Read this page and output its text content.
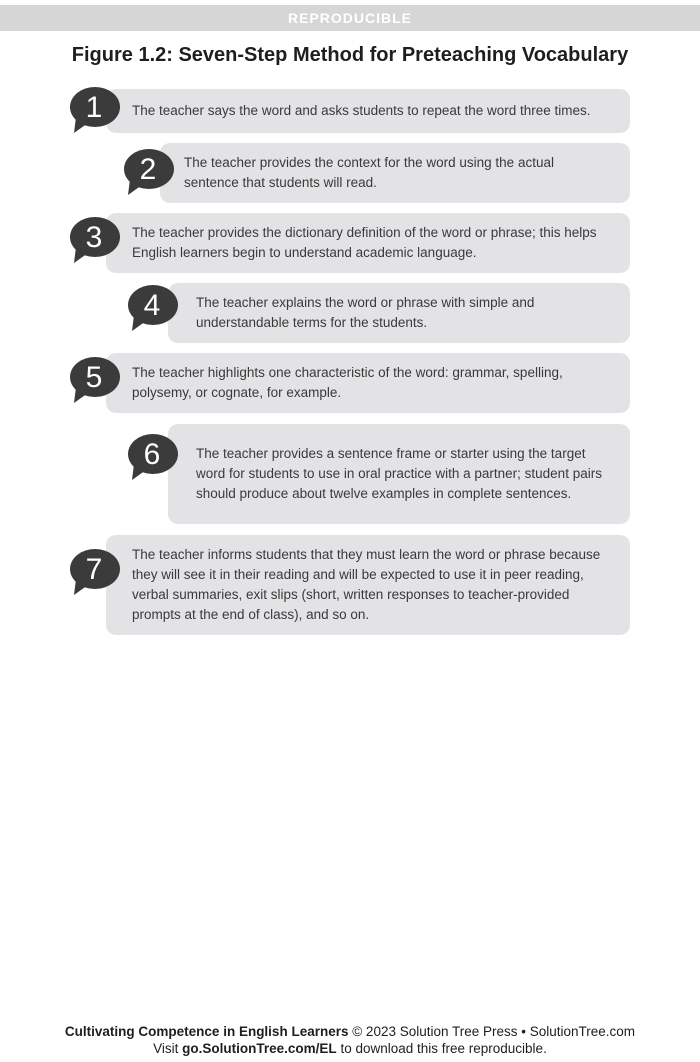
REPRODUCIBLE
Figure 1.2: Seven-Step Method for Preteaching Vocabulary
The teacher says the word and asks students to repeat the word three times.
1
The teacher provides the context for the word using the actual sentence that students will read.
2
The teacher provides the dictionary definition of the word or phrase; this helps English learners begin to understand academic language.
3
The teacher explains the word or phrase with simple and understandable terms for the students.
4
The teacher highlights one characteristic of the word: grammar, spelling, polysemy, or cognate, for example.
5
The teacher provides a sentence frame or starter using the target word for students to use in oral practice with a partner; student pairs should produce about twelve examples in complete sentences.
6
The teacher informs students that they must learn the word or phrase because they will see it in their reading and will be expected to use it in peer reading, verbal summaries, exit slips (short, written responses to teacher-provided prompts at the end of class), and so on.
7
Cultivating Competence in English Learners © 2023 Solution Tree Press • SolutionTree.com
Visit go.SolutionTree.com/EL to download this free reproducible.
